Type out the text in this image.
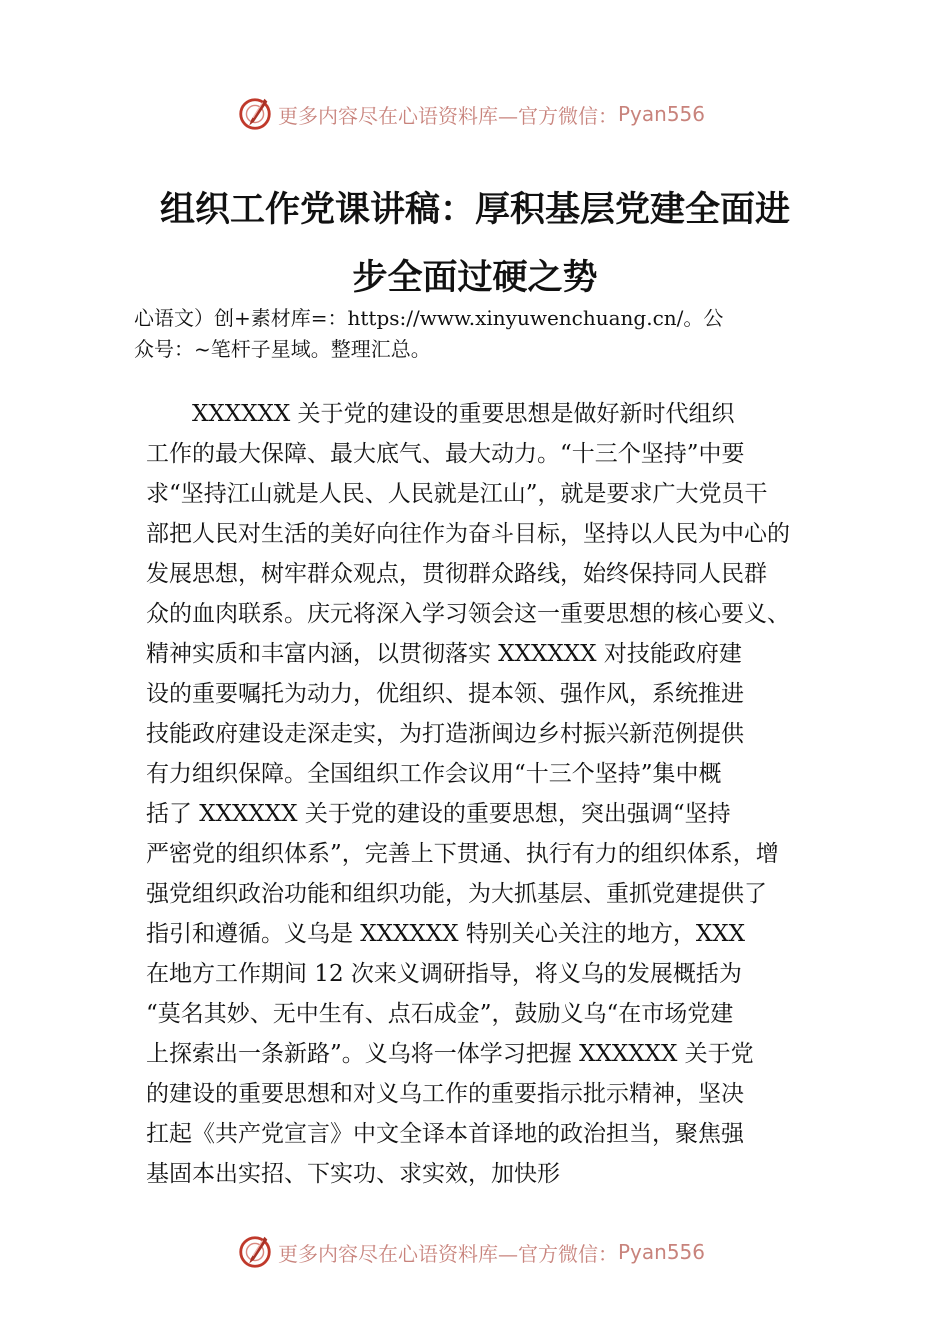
更多内容尽在心语资料库—官方微信： Pyan556
组织工作党课讲稿：厚积基层党建全面进
步全面过硬之势
心语文）创+素材库=：https://www.xinyuwenchuang.cn/。公
众号：~笔杆子星域。整理汇总。
　　XXXXXX 关于党的建设的重要思想是做好新时代组织
工作的最大保障、最大底气、最大动力。“十三个坚持”中要
求“坚持江山就是人民、人民就是江山”，就是要求广大党员干
部把人民对生活的美好向往作为奋斗目标，坚持以人民为中心的
发展思想，树牢群众观点，贯彻群众路线，始终保持同人民群
众的血肉联系。庆元将深入学习领会这一重要思想的核心要义、
精神实质和丰富内涵，以贯彻落实 XXXXXX 对技能政府建
设的重要嘱托为动力，优组织、提本领、强作风，系统推进
技能政府建设走深走实，为打造浙闽边乡村振兴新范例提供
有力组织保障。全国组织工作会议用“十三个坚持”集中概
括了 XXXXXX 关于党的建设的重要思想，突出强调“坚持
严密党的组织体系”，完善上下贯通、执行有力的组织体系，增
强党组织政治功能和组织功能，为大抓基层、重抓党建提供了
指引和遵循。义乌是 XXXXXX 特别关心关注的地方，XXX
在地方工作期间 12 次来义调研指导，将义乌的发展概括为
“莫名其妙、无中生有、点石成金”，鼓励义乌“在市场党建
上探索出一条新路”。义乌将一体学习把握 XXXXXX 关于党
的建设的重要思想和对义乌工作的重要指示批示精神，坚决
扛起《共产党宣言》中文全译本首译地的政治担当，聚焦强
基固本出实招、下实功、求实效，加快形
更多内容尽在心语资料库—官方微信： Pyan556
